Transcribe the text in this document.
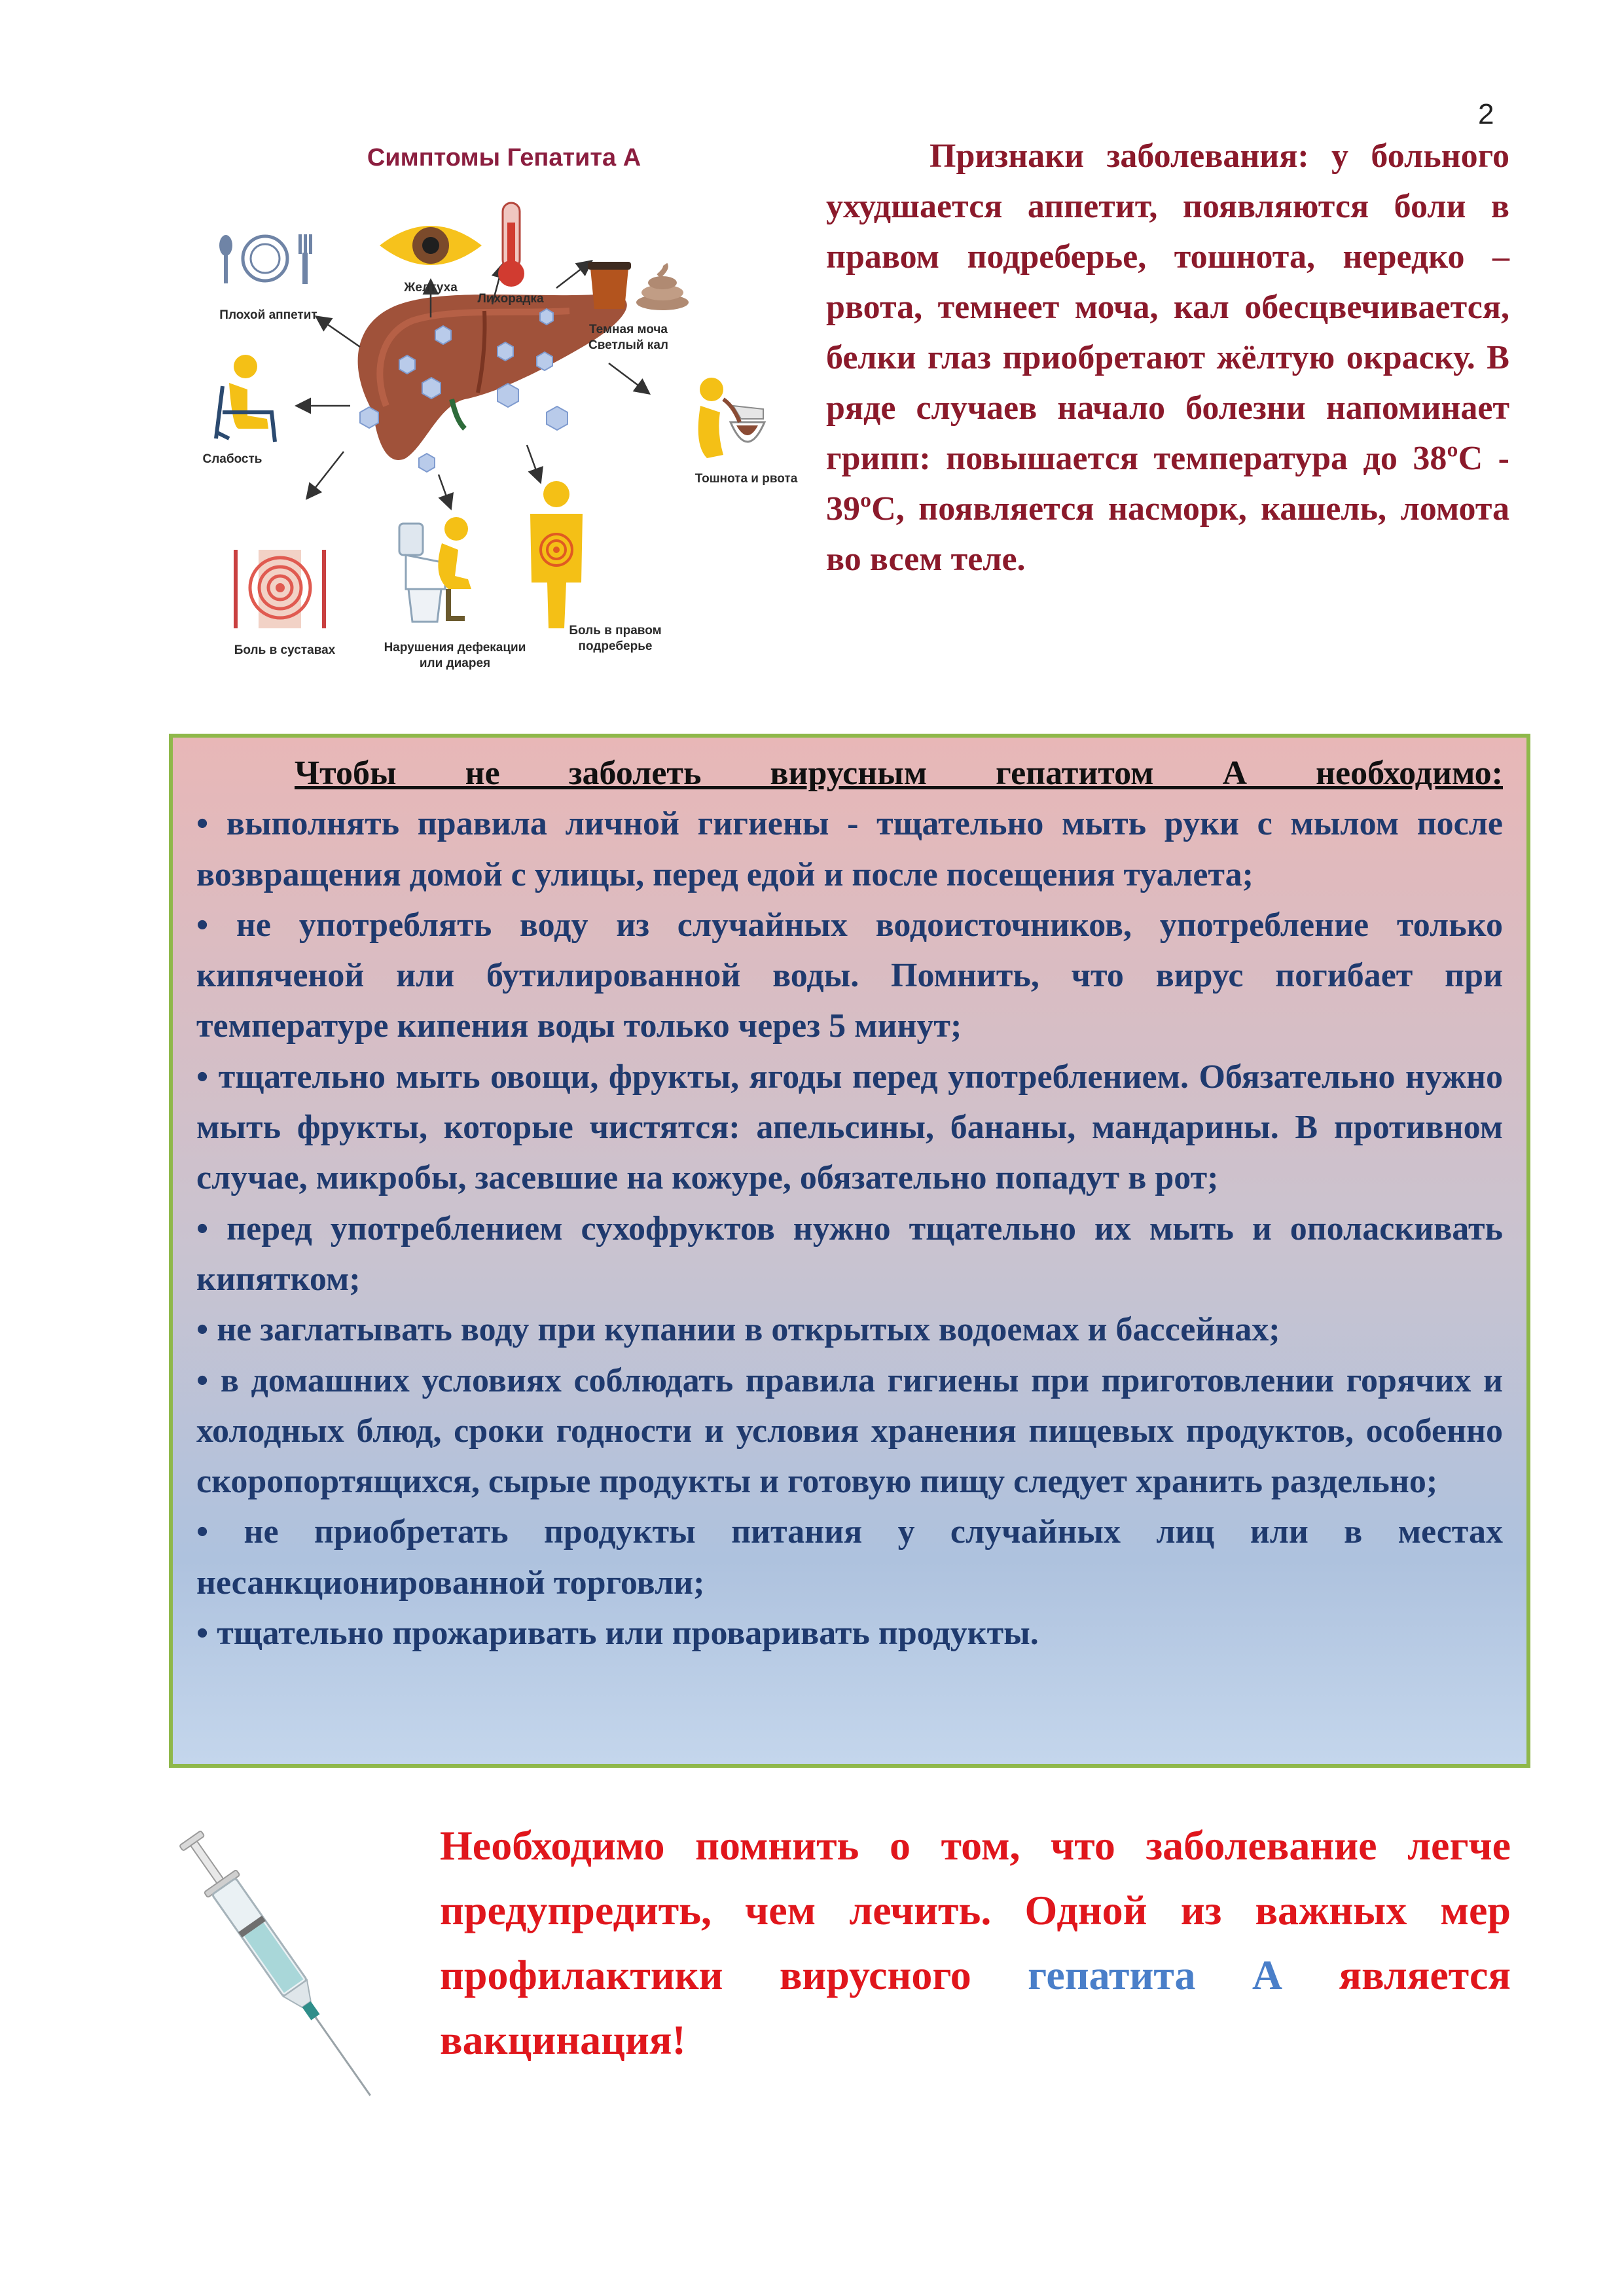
2
Симптомы Гепатита А
Плохой аппетит
Желтуха
Лихорадка
Темная моча
Светлый кал
Слабость
Тошнота и рвота
Боль в суставах	Нарушения дефекации
или диарея
Боль в правом
подреберье
Признаки заболевания: у больного ухудшается аппетит, появляются боли в правом подреберье, тошнота, нередко – рвота, темнеет моча, кал обесцвечивается, белки глаз приобретают жёлтую окраску. В ряде случаев начало болезни напоминает грипп: повышается температура до 38ºС - 39ºС, появляется насморк, кашель, ломота во всем теле.
Чтобы не заболеть вирусным гепатитом А необходимо:
• выполнять правила личной гигиены - тщательно мыть руки с мылом после возвращения домой с улицы, перед едой и после посещения туалета;
• не употреблять воду из случайных водоисточников, употребление только кипяченой или бутилированной воды. Помнить, что вирус погибает при температуре кипения воды только через 5 минут;
• тщательно мыть овощи, фрукты, ягоды перед употреблением. Обязательно нужно мыть фрукты, которые чистятся: апельсины, бананы, мандарины. В противном случае, микробы, засевшие на кожуре, обязательно попадут в рот;
• перед употреблением сухофруктов нужно тщательно их мыть и ополаскивать кипятком;
• не заглатывать воду при купании в открытых водоемах и бассейнах;
• в домашних условиях соблюдать правила гигиены при приготовлении горячих и холодных блюд, сроки годности и условия хранения пищевых продуктов, особенно скоропортящихся, сырые продукты и готовую пищу следует хранить раздельно;
• не приобретать продукты питания у случайных лиц или в местах несанкционированной торговли;
• тщательно прожаривать или проваривать продукты.
Необходимо помнить о том, что заболевание легче предупредить, чем лечить. Одной из важных мер профилактики вирусного гепатита А является вакцинация!
